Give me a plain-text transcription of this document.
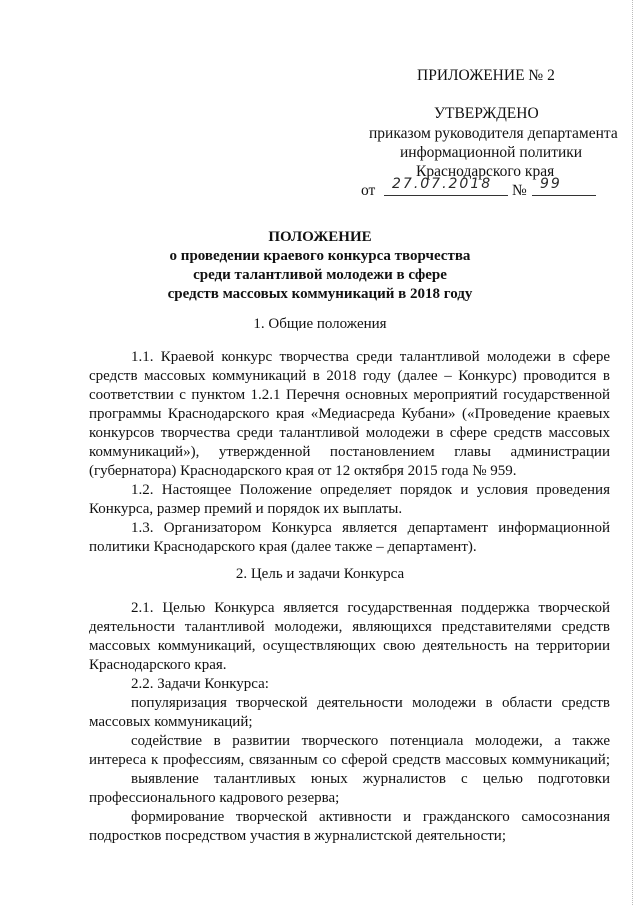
ПРИЛОЖЕНИЕ № 2
УТВЕРЖДЕНО
приказом руководителя департамента
информационной политики
Краснодарского края
от 27.07.2018 № 99
ПОЛОЖЕНИЕ
о проведении краевого конкурса творчества
среди талантливой молодежи в сфере
средств массовых коммуникаций в 2018 году
1. Общие положения
1.1. Краевой конкурс творчества среди талантливой молодежи в сфере
средств массовых коммуникаций в 2018 году (далее – Конкурс) проводится в
соответствии с пунктом 1.2.1 Перечня основных мероприятий государственной
программы Краснодарского края «Медиасреда Кубани» («Проведение краевых
конкурсов творчества среди талантливой молодежи в сфере средств массовых
коммуникаций»), утвержденной постановлением главы администрации
(губернатора) Краснодарского края от 12 октября 2015 года № 959.
1.2. Настоящее Положение определяет порядок и условия проведения
Конкурса, размер премий и порядок их выплаты.
1.3. Организатором Конкурса является департамент информационной
политики Краснодарского края (далее также – департамент).
2. Цель и задачи Конкурса
2.1. Целью Конкурса является государственная поддержка творческой
деятельности талантливой молодежи, являющихся представителями средств
массовых коммуникаций, осуществляющих свою деятельность на территории
Краснодарского края.
2.2. Задачи Конкурса:
популяризация творческой деятельности молодежи в области средств
массовых коммуникаций;
содействие в развитии творческого потенциала молодежи, а также
интереса к профессиям, связанным со сферой средств массовых коммуникаций;
выявление талантливых юных журналистов с целью подготовки
профессионального кадрового резерва;
формирование творческой активности и гражданского самосознания
подростков посредством участия в журналистской деятельности;
